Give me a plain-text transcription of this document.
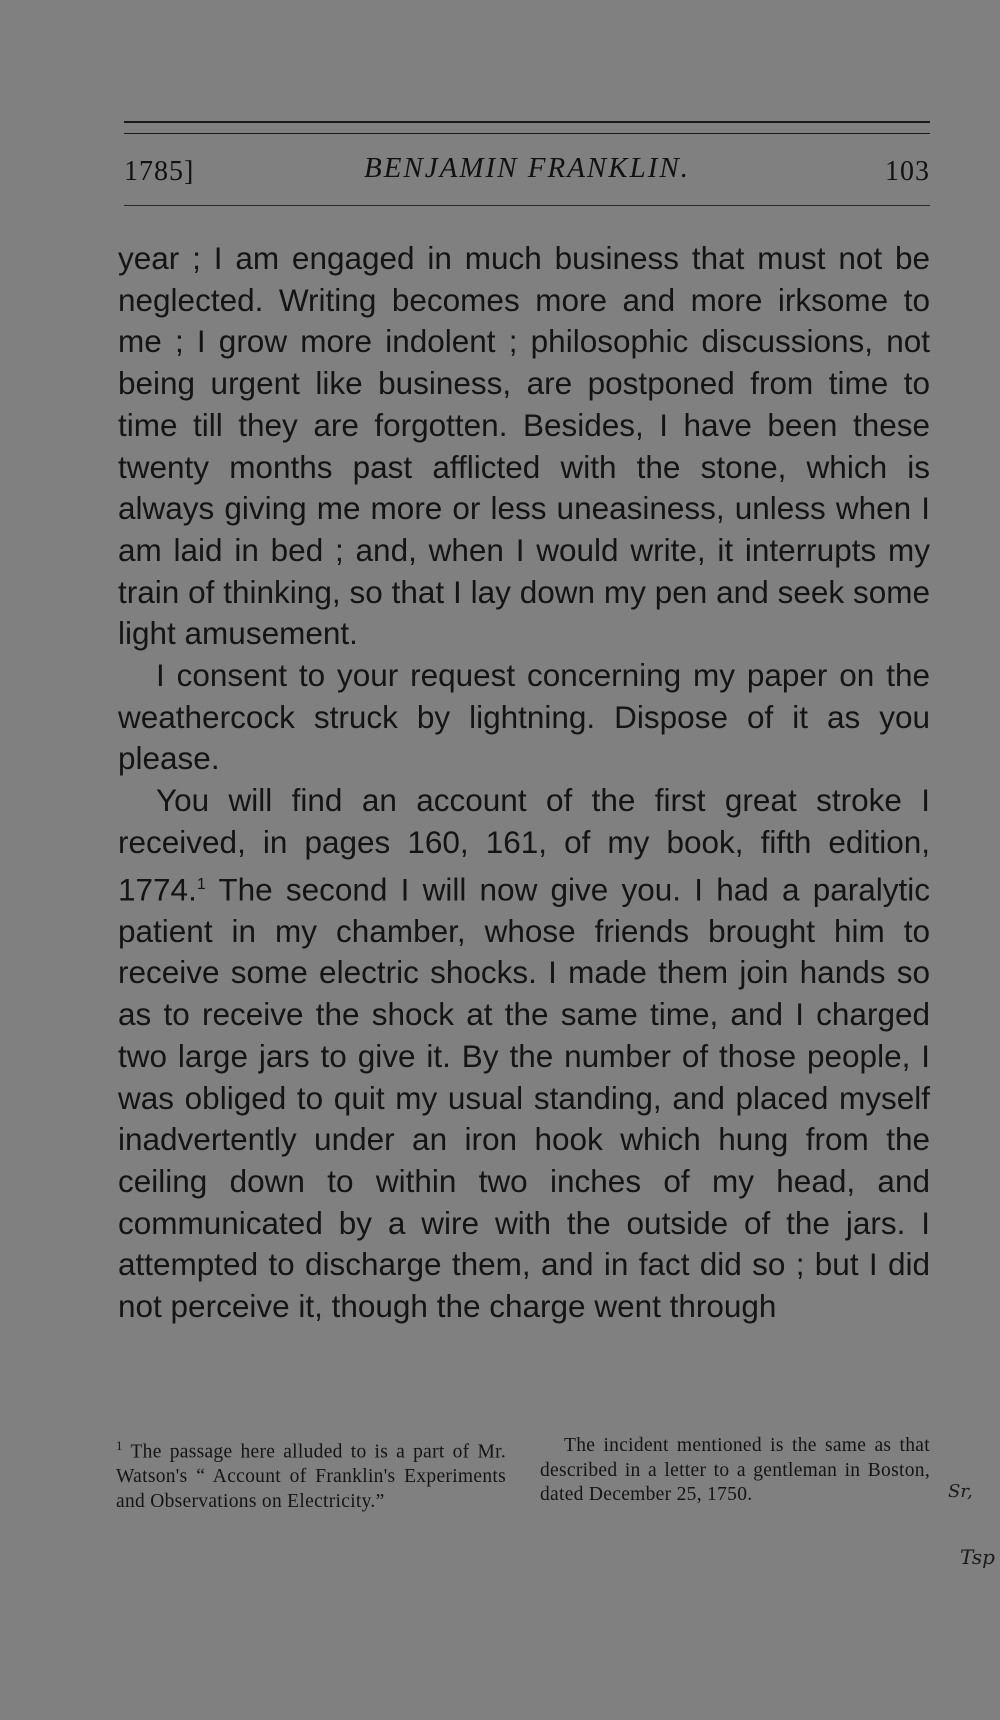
1785]	BENJAMIN FRANKLIN.	103

year ; I am engaged in much business that must not be neglected. Writing becomes more and more irksome to me ; I grow more indolent ; philosophic discussions, not being urgent like business, are postponed from time to time till they are forgotten. Besides, I have been these twenty months past afflicted with the stone, which is always giving me more or less uneasiness, unless when I am laid in bed ; and, when I would write, it interrupts my train of thinking, so that I lay down my pen and seek some light amusement.

I consent to your request concerning my paper on the weathercock struck by lightning. Dispose of it as you please.

You will find an account of the first great stroke I received, in pages 160, 161, of my book, fifth edition, 1774.$^1$ The second I will now give you. I had a paralytic patient in my chamber, whose friends brought him to receive some electric shocks. I made them join hands so as to receive the shock at the same time, and I charged two large jars to give it. By the number of those people, I was obliged to quit my usual standing, and placed myself inadvertently under an iron hook which hung from the ceiling down to within two inches of my head, and communicated by a wire with the outside of the jars. I attempted to discharge them, and in fact did so ; but I did not perceive it, though the charge went through

$^1$ The passage here alluded to is a part of Mr. Watson's “ Account of Franklin's Experiments and Observations on Electricity.”
The incident mentioned is the same as that described in a letter to a gentleman in Boston, dated December 25, 1750.	Sr,
Tsp
